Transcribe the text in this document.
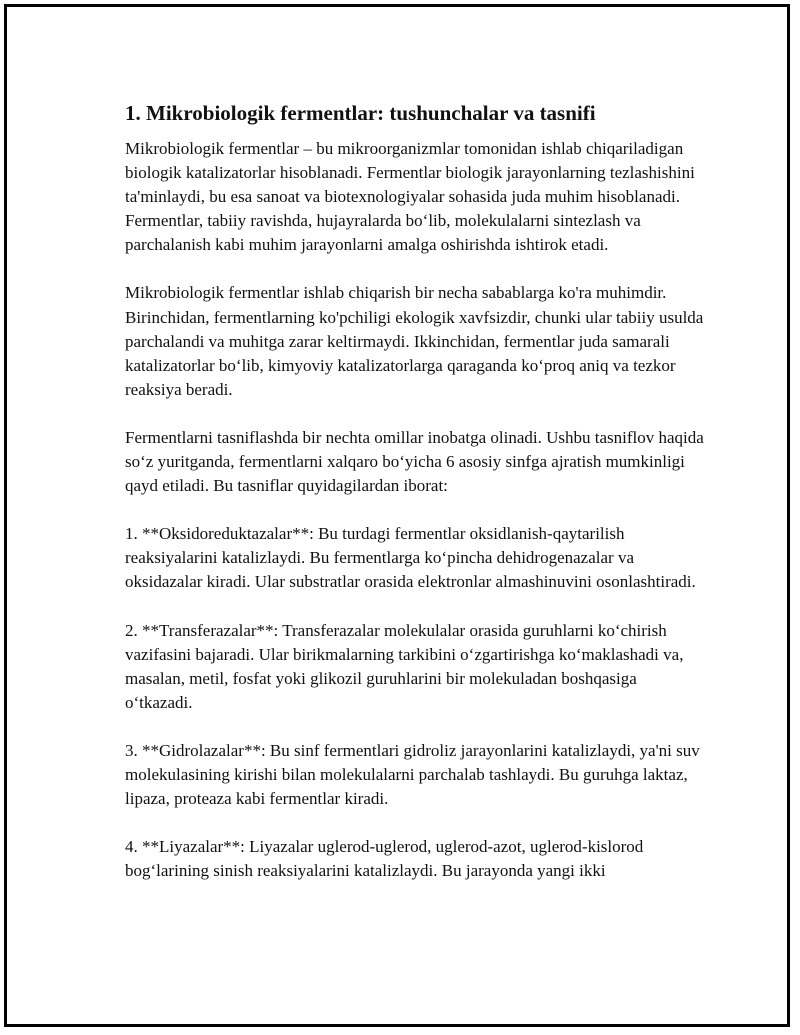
1. Mikrobiologik fermentlar: tushunchalar va tasnifi

Mikrobiologik fermentlar – bu mikroorganizmlar tomonidan ishlab chiqariladigan biologik katalizatorlar hisoblanadi. Fermentlar biologik jarayonlarning tezlashishini ta'minlaydi, bu esa sanoat va biotexnologiyalar sohasida juda muhim hisoblanadi. Fermentlar, tabiiy ravishda, hujayralarda bo‘lib, molekulalarni sintezlash va parchalanish kabi muhim jarayonlarni amalga oshirishda ishtirok etadi.

Mikrobiologik fermentlar ishlab chiqarish bir necha sabablarga ko'ra muhimdir. Birinchidan, fermentlarning ko'pchiligi ekologik xavfsizdir, chunki ular tabiiy usulda parchalandi va muhitga zarar keltirmaydi. Ikkinchidan, fermentlar juda samarali katalizatorlar bo‘lib, kimyoviy katalizatorlarga qaraganda ko‘proq aniq va tezkor reaksiya beradi.

Fermentlarni tasniflashda bir nechta omillar inobatga olinadi. Ushbu tasniflov haqida so‘z yuritganda, fermentlarni xalqaro bo‘yicha 6 asosiy sinfga ajratish mumkinligi qayd etiladi. Bu tasniflar quyidagilardan iborat:

1. **Oksidoreduktazalar**: Bu turdagi fermentlar oksidlanish-qaytarilish reaksiyalarini katalizlaydi. Bu fermentlarga ko‘pincha dehidrogenazalar va oksidazalar kiradi. Ular substratlar orasida elektronlar almashinuvini osonlashtiradi.

2. **Transferazalar**: Transferazalar molekulalar orasida guruhlarni ko‘chirish vazifasini bajaradi. Ular birikmalarning tarkibini o‘zgartirishga ko‘maklashadi va, masalan, metil, fosfat yoki glikozil guruhlarini bir molekuladan boshqasiga o‘tkazadi.

3. **Gidrolazalar**: Bu sinf fermentlari gidroliz jarayonlarini katalizlaydi, ya'ni suv molekulasining kirishi bilan molekulalarni parchalab tashlaydi. Bu guruhga laktaz, lipaza, proteaza kabi fermentlar kiradi.

4. **Liyazalar**: Liyazalar uglerod-uglerod, uglerod-azot, uglerod-kislorod bog‘larining sinish reaksiyalarini katalizlaydi. Bu jarayonda yangi ikki
